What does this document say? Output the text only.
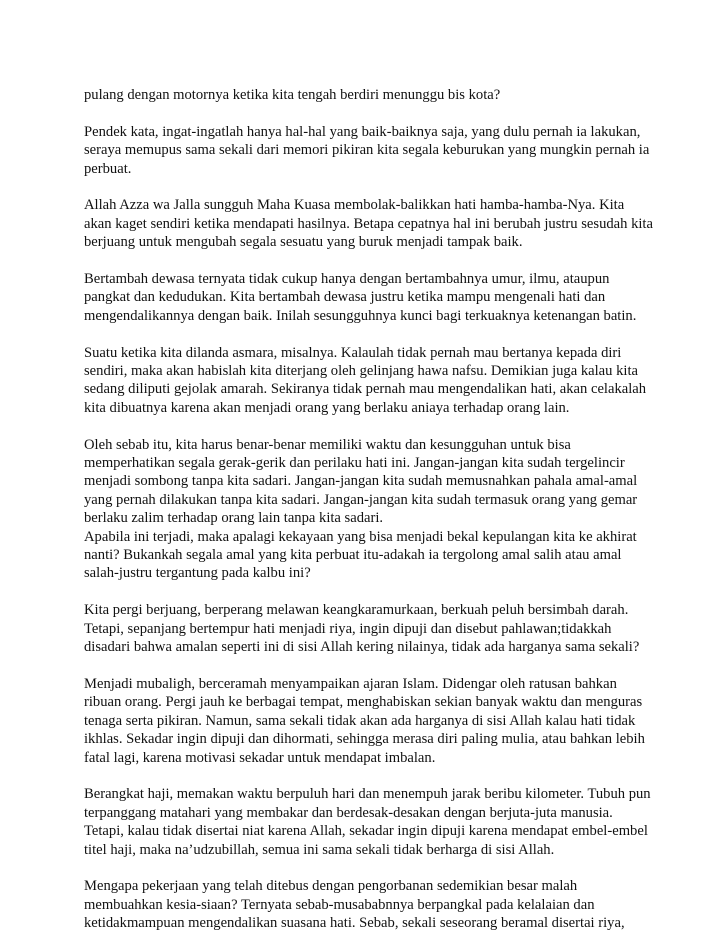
pulang dengan motornya ketika kita tengah berdiri menunggu bis kota?

Pendek kata, ingat-ingatlah hanya hal-hal yang baik-baiknya saja, yang dulu pernah ia lakukan,
seraya memupus sama sekali dari memori pikiran kita segala keburukan yang mungkin pernah ia
perbuat.

Allah Azza wa Jalla sungguh Maha Kuasa membolak-balikkan hati hamba-hamba-Nya. Kita
akan kaget sendiri ketika mendapati hasilnya. Betapa cepatnya hal ini berubah justru sesudah kita
berjuang untuk mengubah segala sesuatu yang buruk menjadi tampak baik.

Bertambah dewasa ternyata tidak cukup hanya dengan bertambahnya umur, ilmu, ataupun
pangkat dan kedudukan. Kita bertambah dewasa justru ketika mampu mengenali hati dan
mengendalikannya dengan baik. Inilah sesungguhnya kunci bagi terkuaknya ketenangan batin.

Suatu ketika kita dilanda asmara, misalnya. Kalaulah tidak pernah mau bertanya kepada diri
sendiri, maka akan habislah kita diterjang oleh gelinjang hawa nafsu. Demikian juga kalau kita
sedang diliputi gejolak amarah. Sekiranya tidak pernah mau mengendalikan hati, akan celakalah
kita dibuatnya karena akan menjadi orang yang berlaku aniaya terhadap orang lain.

Oleh sebab itu, kita harus benar-benar memiliki waktu dan kesungguhan untuk bisa
memperhatikan segala gerak-gerik dan perilaku hati ini. Jangan-jangan kita sudah tergelincir
menjadi sombong tanpa kita sadari. Jangan-jangan kita sudah memusnahkan pahala amal-amal
yang pernah dilakukan tanpa kita sadari. Jangan-jangan kita sudah termasuk orang yang gemar
berlaku zalim terhadap orang lain tanpa kita sadari.
Apabila ini terjadi, maka apalagi kekayaan yang bisa menjadi bekal kepulangan kita ke akhirat
nanti? Bukankah segala amal yang kita perbuat itu-adakah ia tergolong amal salih atau amal
salah-justru tergantung pada kalbu ini?

Kita pergi berjuang, berperang melawan keangkaramurkaan, berkuah peluh bersimbah darah.
Tetapi, sepanjang bertempur hati menjadi riya, ingin dipuji dan disebut pahlawan;tidakkah
disadari bahwa amalan seperti ini di sisi Allah kering nilainya, tidak ada harganya sama sekali?

Menjadi mubaligh, berceramah menyampaikan ajaran Islam. Didengar oleh ratusan bahkan
ribuan orang. Pergi jauh ke berbagai tempat, menghabiskan sekian banyak waktu dan menguras
tenaga serta pikiran. Namun, sama sekali tidak akan ada harganya di sisi Allah kalau hati tidak
ikhlas. Sekadar ingin dipuji dan dihormati, sehingga merasa diri paling mulia, atau bahkan lebih
fatal lagi, karena motivasi sekadar untuk mendapat imbalan.

Berangkat haji, memakan waktu berpuluh hari dan menempuh jarak beribu kilometer. Tubuh pun
terpanggang matahari yang membakar dan berdesak-desakan dengan berjuta-juta manusia.
Tetapi, kalau tidak disertai niat karena Allah, sekadar ingin dipuji karena mendapat embel-embel
titel haji, maka na’udzubillah, semua ini sama sekali tidak berharga di sisi Allah.

Mengapa pekerjaan yang telah ditebus dengan pengorbanan sedemikian besar malah
membuahkan kesia-siaan? Ternyata sebab-musababnnya berpangkal pada kelalaian dan
ketidakmampuan mengendalikan suasana hati. Sebab, sekali seseorang beramal disertai riya,
